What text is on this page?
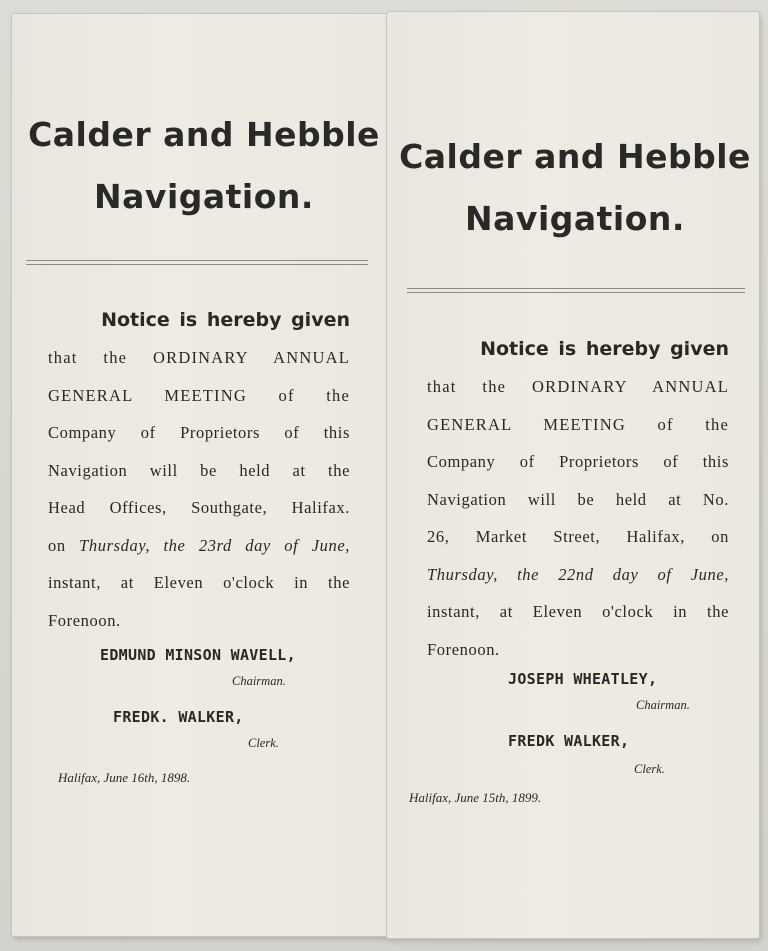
Calder and Hebble
Navigation.
Notice is hereby given
that the ORDINARY ANNUAL
GENERAL MEETING of the
Company of Proprietors of this
Navigation will be held at the
Head Offices, Southgate, Halifax.
on Thursday, the 23rd day of June,
instant, at Eleven o'clock in the
Forenoon.
EDMUND MINSON WAVELL,
Chairman.
FREDK. WALKER,
Clerk.
Halifax, June 16th, 1898.
Calder and Hebble
Navigation.
Notice is hereby given
that the ORDINARY ANNUAL
GENERAL MEETING of the
Company of Proprietors of this
Navigation will be held at No.
26, Market Street, Halifax, on
Thursday, the 22nd day of June,
instant, at Eleven o'clock in the
Forenoon.
JOSEPH WHEATLEY,
Chairman.
FREDK WALKER,
Clerk.
Halifax, June 15th, 1899.
